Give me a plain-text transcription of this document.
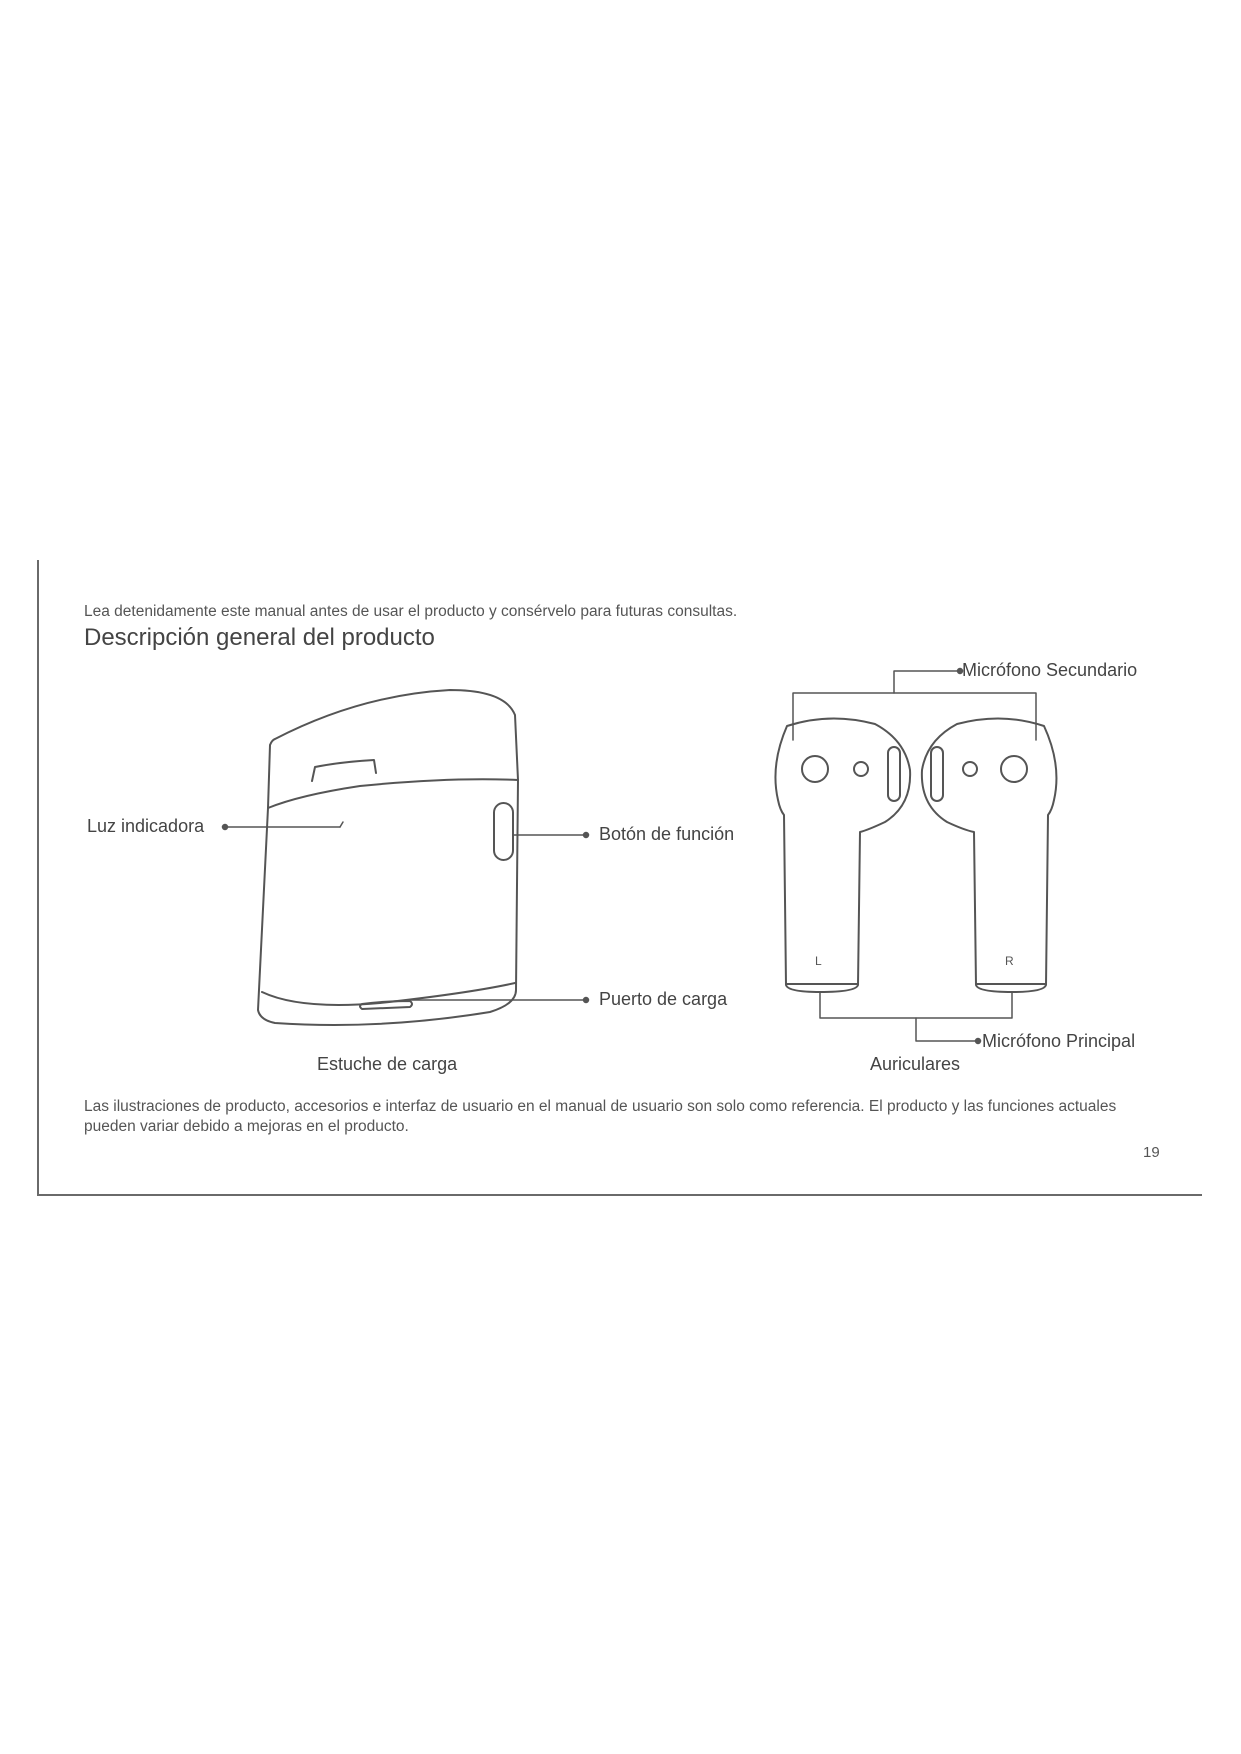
Lea detenidamente este manual antes de usar el producto y consérvelo para futuras consultas.
Descripción general del producto
Luz indicadora	Botón de función
Puerto de carga
Estuche de carga
Micrófono Secundario
Micrófono Principal
Auriculares
L	R
Las ilustraciones de producto, accesorios e interfaz de usuario en el manual de usuario son solo como referencia. El producto y las funciones actuales pueden variar debido a mejoras en el producto.
19
